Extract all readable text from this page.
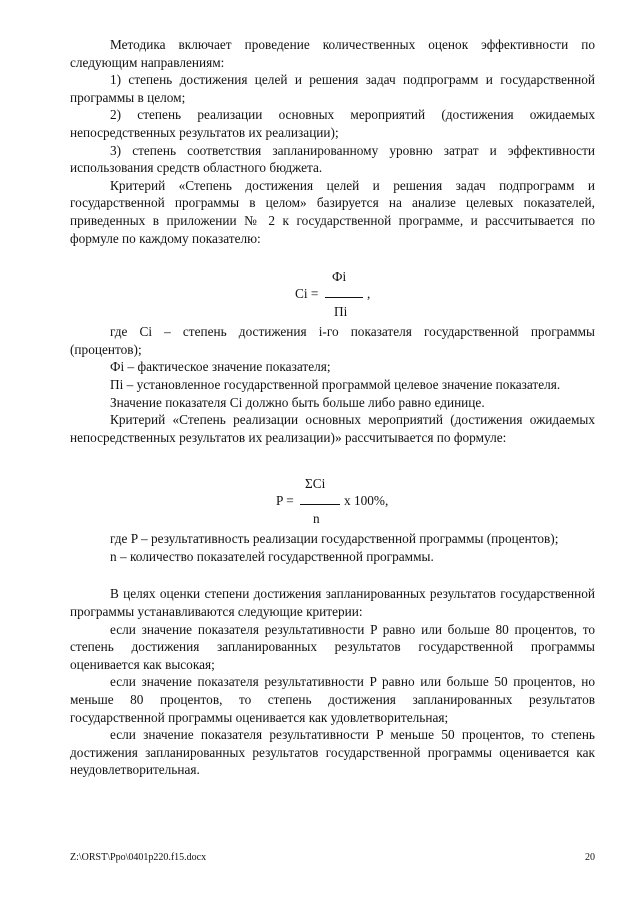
Методика включает проведение количественных оценок эффективности по следующим направлениям:

1) степень достижения целей и решения задач подпрограмм и государственной программы в целом;

2) степень реализации основных мероприятий (достижения ожидаемых непосредственных результатов их реализации);

3) степень соответствия запланированному уровню затрат и эффективности использования средств областного бюджета.

Критерий «Степень достижения целей и решения задач подпрограмм и государственной программы в целом» базируется на анализе целевых показателей, приведенных в приложении № 2 к государственной программе, и рассчитывается по формуле по каждому показателю:

Фi
Ci =	,
Пi

где Ci – степень достижения i-го показателя государственной программы (процентов);

Фi – фактическое значение показателя;

Пi – установленное государственной программой целевое значение показателя.

Значение показателя Ci должно быть больше либо равно единице.

Критерий «Степень реализации основных мероприятий (достижения ожидаемых непосредственных результатов их реализации)» рассчитывается по формуле:

ΣCi
P =	x 100%,
n

где P – результативность реализации государственной программы (процентов);

n – количество показателей государственной программы.

В целях оценки степени достижения запланированных результатов государственной программы устанавливаются следующие критерии:

если значение показателя результативности P равно или больше 80 процентов, то степень достижения запланированных результатов государственной программы оценивается как высокая;

если значение показателя результативности P равно или больше 50 процентов, но меньше 80 процентов, то степень достижения запланированных результатов государственной программы оценивается как удовлетворительная;

если значение показателя результативности P меньше 50 процентов, то степень достижения запланированных результатов государственной программы оценивается как неудовлетворительная.

Z:\ORST\Ppo\0401p220.f15.docx	20
